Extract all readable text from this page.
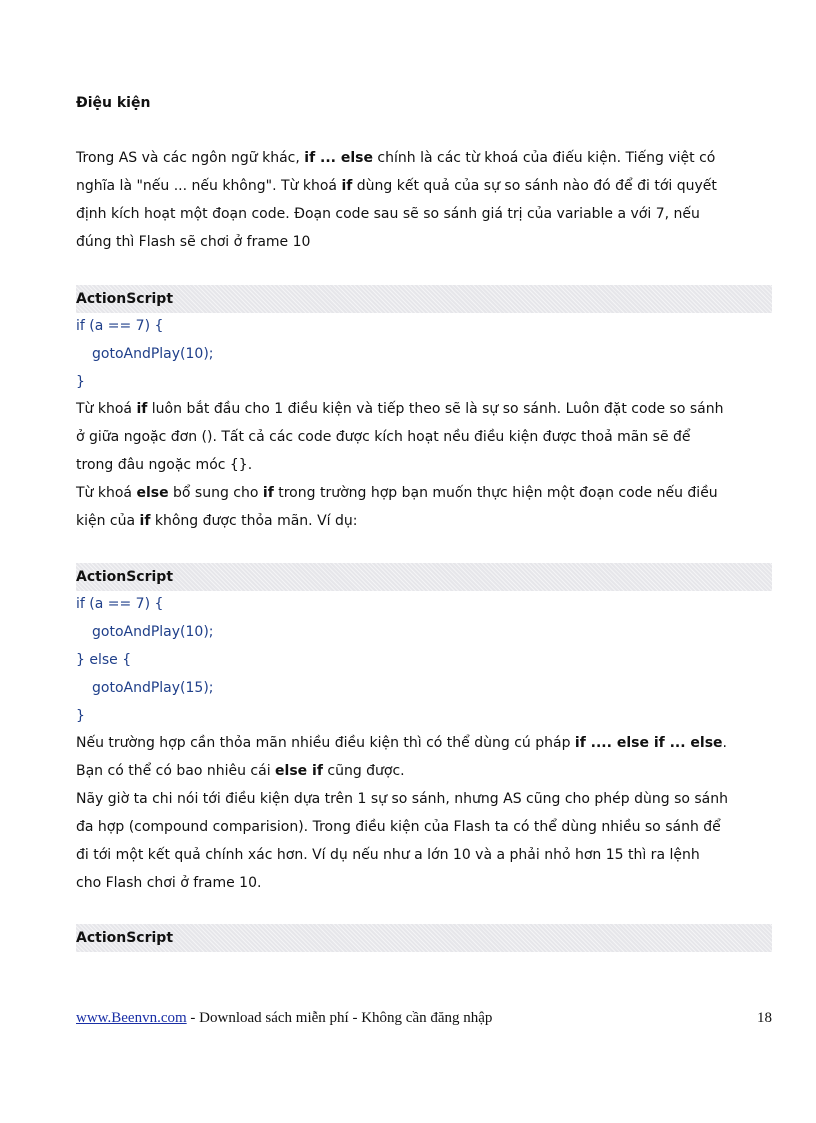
Điệu kiện
Trong AS và các ngôn ngữ khác, if ... else chính là các từ khoá của điếu kiện. Tiếng việt có
nghĩa là "nếu ... nếu không". Từ khoá if dùng kết quả của sự so sánh nào đó để đi tới quyết
định kích hoạt một đoạn code. Đoạn code sau sẽ so sánh giá trị của variable a với 7, nếu
đúng thì Flash sẽ chơi ở frame 10
ActionScript
if (a == 7) {
gotoAndPlay(10);
}
Từ khoá if luôn bắt đầu cho 1 điều kiện và tiếp theo sẽ là sự so sánh. Luôn đặt code so sánh
ở giữa ngoặc đơn (). Tất cả các code được kích hoạt nều điều kiện được thoả mãn sẽ để
trong đâu ngoặc móc {}.
Từ khoá else bổ sung cho if trong trường hợp bạn muốn thực hiện một đoạn code nếu điều
kiện của if không được thỏa mãn. Ví dụ:
ActionScript
if (a == 7) {
gotoAndPlay(10);
} else {
gotoAndPlay(15);
}
Nếu trường hợp cần thỏa mãn nhiều điều kiện thì có thể dùng cú pháp if .... else if ... else.
Bạn có thể có bao nhiêu cái else if cũng được.
Nãy giờ ta chi nói tới điều kiện dựa trên 1 sự so sánh, nhưng AS cũng cho phép dùng so sánh
đa hợp (compound comparision). Trong điều kiện của Flash ta có thể dùng nhiều so sánh để
đi tới một kết quả chính xác hơn. Ví dụ nếu như a lớn 10 và a phải nhỏ hơn 15 thì ra lệnh
cho Flash chơi ở frame 10.
ActionScript
www.Beenvn.com - Download sách miễn phí - Không cần đăng nhập	18
